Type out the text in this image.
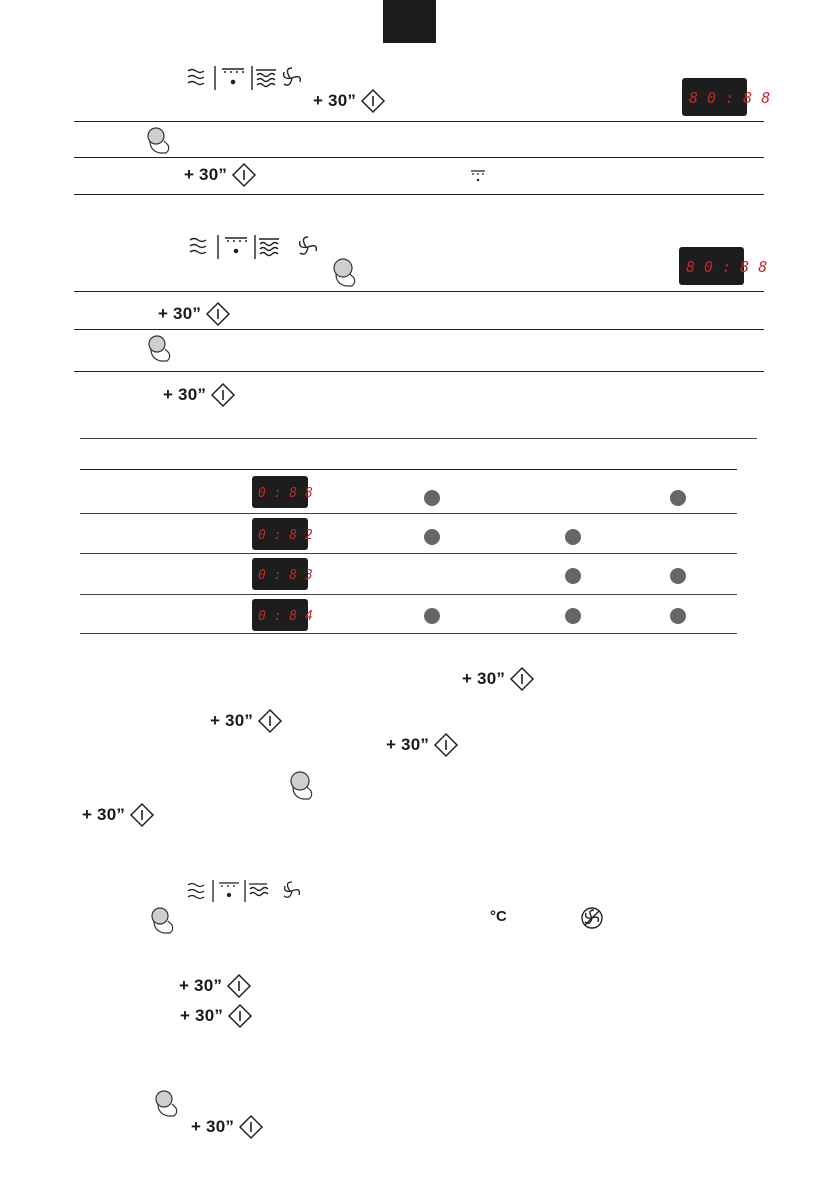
+ 30”	8 0 : 8 8
+ 30”
8 0 : 8 8
+ 30”
+ 30”
0 : 8 8
0 : 8 2
0 : 8 3
0 : 8 4
+ 30”
+ 30”
+ 30”
+ 30”
°C
+ 30”
+ 30”
+ 30”
